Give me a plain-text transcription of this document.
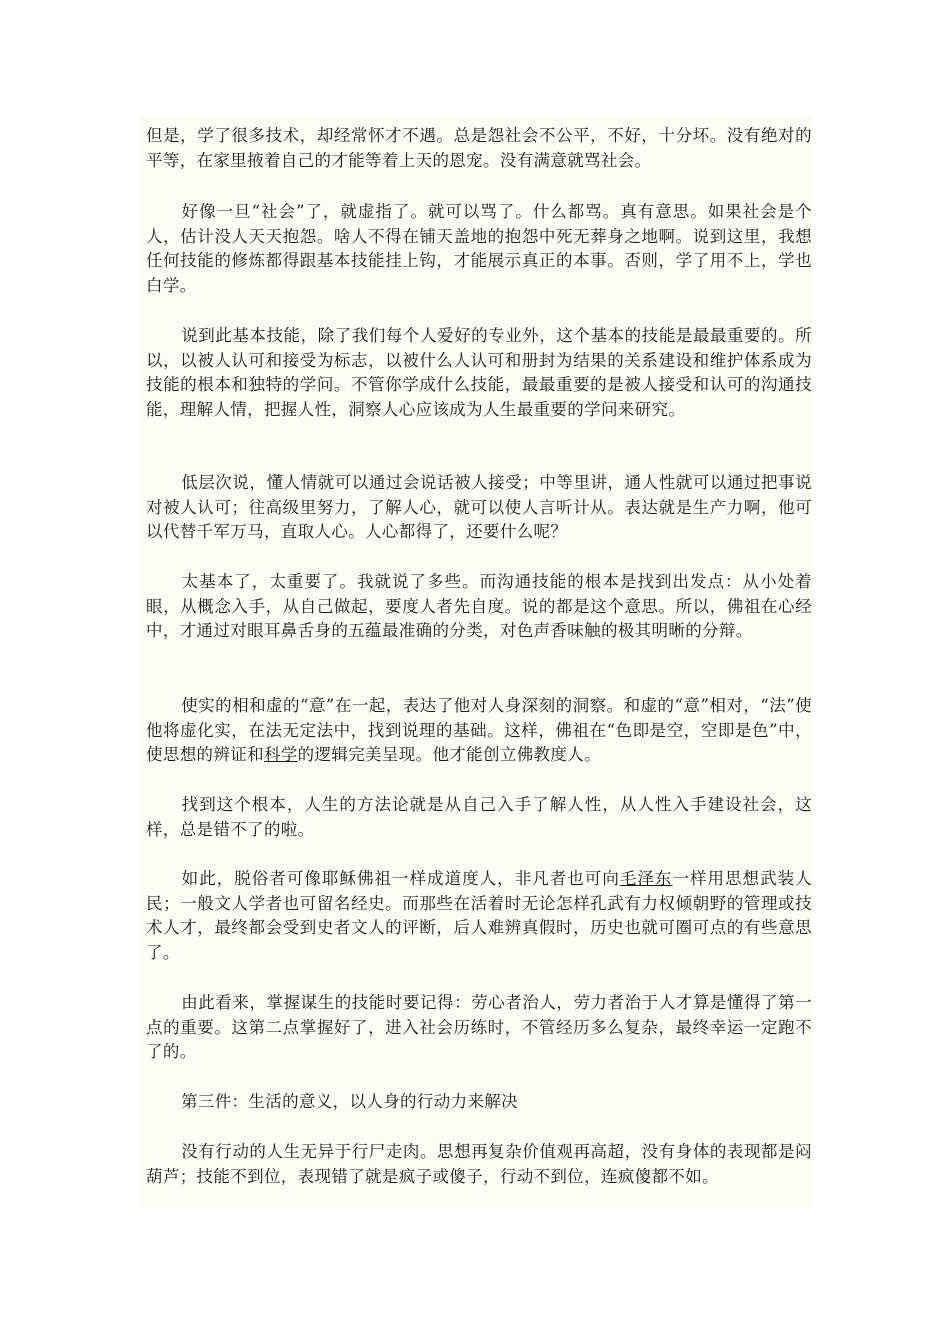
但是，学了很多技术，却经常怀才不遇。总是怨社会不公平，不好，十分坏。没有绝对的平等，在家里掖着自己的才能等着上天的恩宠。没有满意就骂社会。

好像一旦“社会”了，就虚指了。就可以骂了。什么都骂。真有意思。如果社会是个人，估计没人天天抱怨。啥人不得在铺天盖地的抱怨中死无葬身之地啊。说到这里，我想任何技能的修炼都得跟基本技能挂上钩，才能展示真正的本事。否则，学了用不上，学也白学。

说到此基本技能，除了我们每个人爱好的专业外，这个基本的技能是最最重要的。所以，以被人认可和接受为标志，以被什么人认可和册封为结果的关系建设和维护体系成为技能的根本和独特的学问。不管你学成什么技能，最最重要的是被人接受和认可的沟通技能，理解人情，把握人性，洞察人心应该成为人生最重要的学问来研究。

低层次说，懂人情就可以通过会说话被人接受；中等里讲，通人性就可以通过把事说对被人认可；往高级里努力，了解人心，就可以使人言听计从。表达就是生产力啊，他可以代替千军万马，直取人心。人心都得了，还要什么呢？

太基本了，太重要了。我就说了多些。而沟通技能的根本是找到出发点：从小处着眼，从概念入手，从自己做起，要度人者先自度。说的都是这个意思。所以，佛祖在心经中，才通过对眼耳鼻舌身的五蕴最准确的分类，对色声香味触的极其明晰的分辩。

使实的相和虚的“意”在一起，表达了他对人身深刻的洞察。和虚的“意”相对，“法”使他将虚化实，在法无定法中，找到说理的基础。这样，佛祖在“色即是空，空即是色”中，使思想的辨证和科学的逻辑完美呈现。他才能创立佛教度人。

找到这个根本，人生的方法论就是从自己入手了解人性，从人性入手建设社会，这样，总是错不了的啦。

如此，脱俗者可像耶稣佛祖一样成道度人，非凡者也可向毛泽东一样用思想武装人民；一般文人学者也可留名经史。而那些在活着时无论怎样孔武有力权倾朝野的管理或技术人才，最终都会受到史者文人的评断，后人难辨真假时，历史也就可圈可点的有些意思了。

由此看来，掌握谋生的技能时要记得：劳心者治人，劳力者治于人才算是懂得了第一点的重要。这第二点掌握好了，进入社会历练时，不管经历多么复杂，最终幸运一定跑不了的。

第三件：生活的意义，以人身的行动力来解决

没有行动的人生无异于行尸走肉。思想再复杂价值观再高超，没有身体的表现都是闷葫芦；技能不到位，表现错了就是疯子或傻子，行动不到位，连疯傻都不如。
